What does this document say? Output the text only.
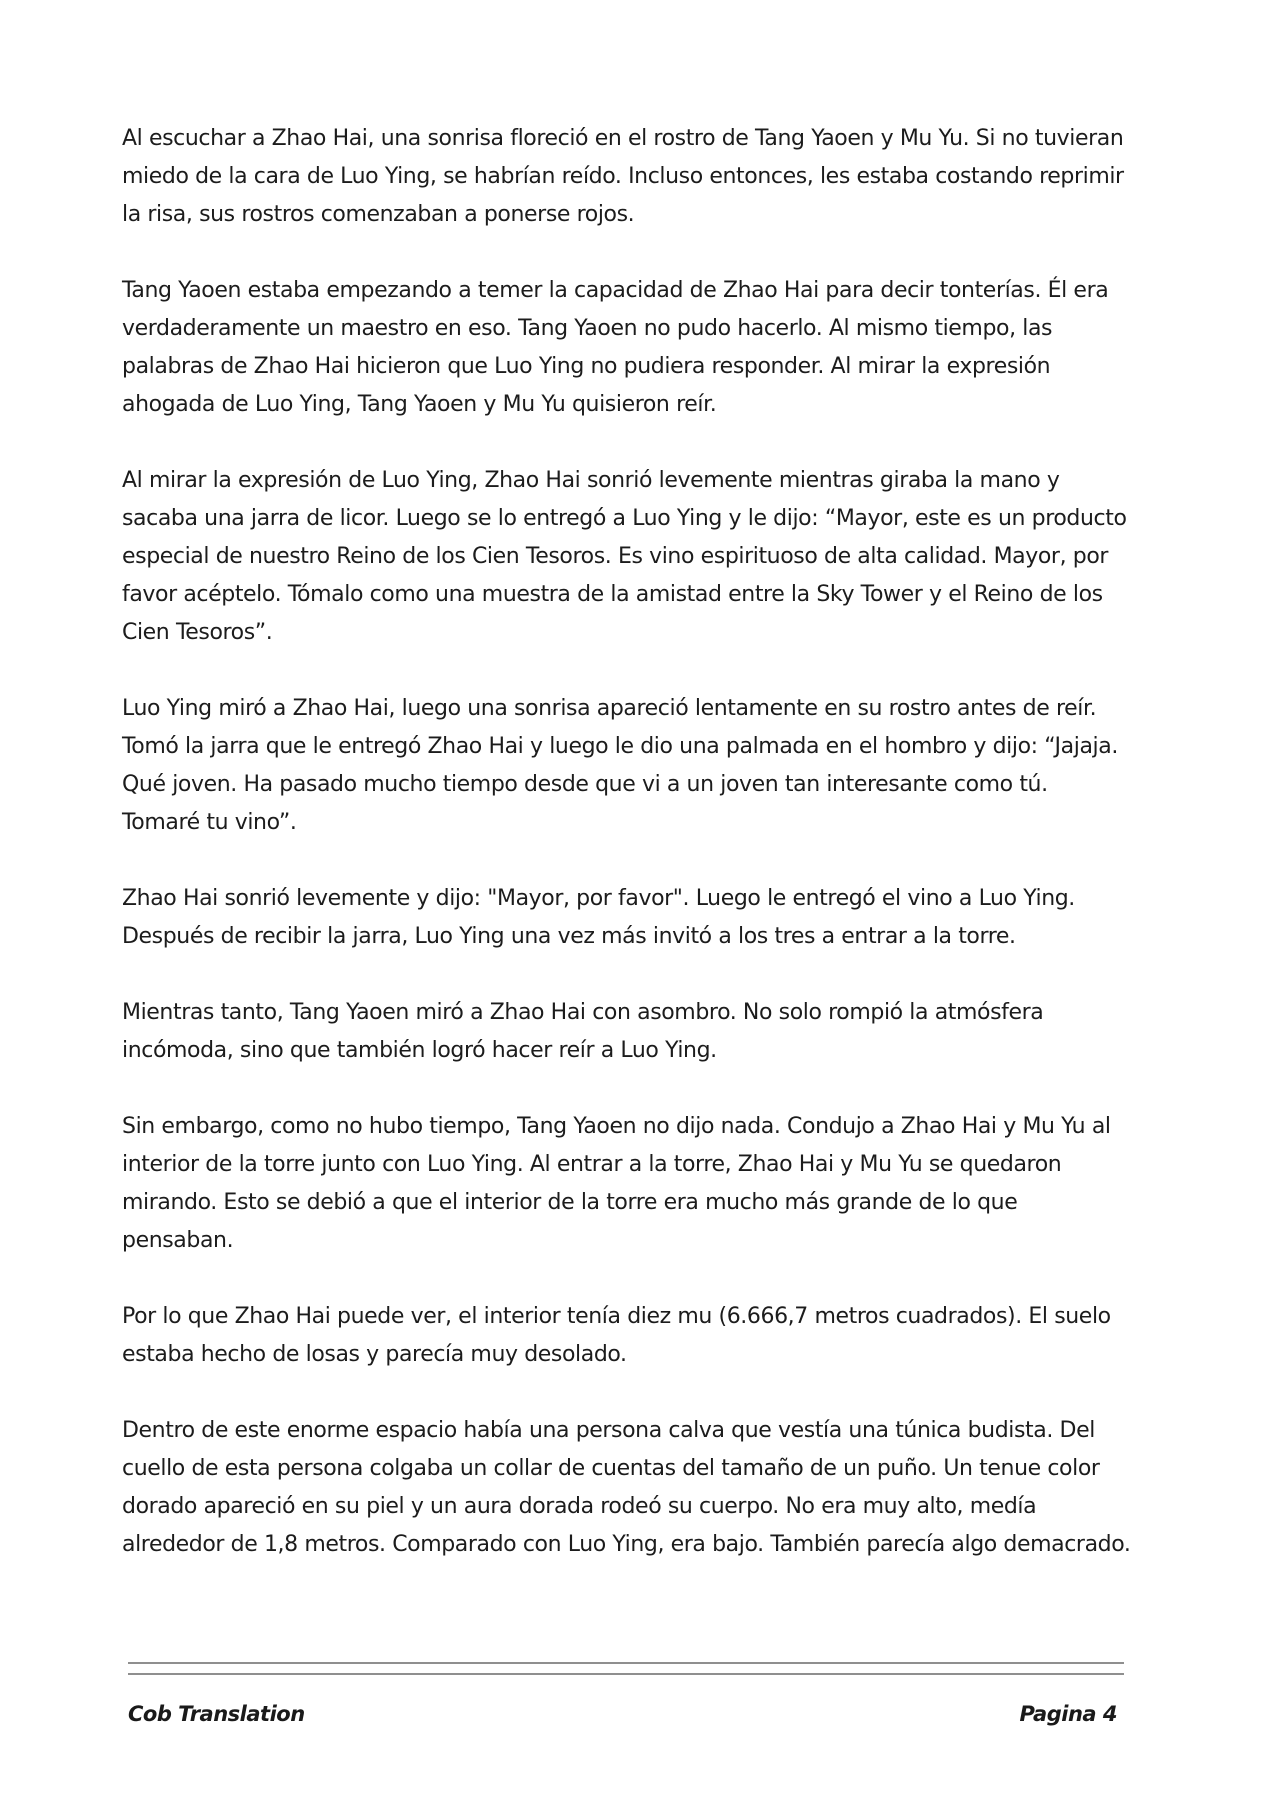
Al escuchar a Zhao Hai, una sonrisa floreció en el rostro de Tang Yaoen y Mu Yu. Si no tuvieran miedo de la cara de Luo Ying, se habrían reído. Incluso entonces, les estaba costando reprimir la risa, sus rostros comenzaban a ponerse rojos.

Tang Yaoen estaba empezando a temer la capacidad de Zhao Hai para decir tonterías. Él era verdaderamente un maestro en eso. Tang Yaoen no pudo hacerlo. Al mismo tiempo, las palabras de Zhao Hai hicieron que Luo Ying no pudiera responder. Al mirar la expresión ahogada de Luo Ying, Tang Yaoen y Mu Yu quisieron reír.

Al mirar la expresión de Luo Ying, Zhao Hai sonrió levemente mientras giraba la mano y sacaba una jarra de licor. Luego se lo entregó a Luo Ying y le dijo: “Mayor, este es un producto especial de nuestro Reino de los Cien Tesoros. Es vino espirituoso de alta calidad. Mayor, por favor acéptelo. Tómalo como una muestra de la amistad entre la Sky Tower y el Reino de los Cien Tesoros”.

Luo Ying miró a Zhao Hai, luego una sonrisa apareció lentamente en su rostro antes de reír. Tomó la jarra que le entregó Zhao Hai y luego le dio una palmada en el hombro y dijo: “Jajaja. Qué joven. Ha pasado mucho tiempo desde que vi a un joven tan interesante como tú. Tomaré tu vino”.

Zhao Hai sonrió levemente y dijo: "Mayor, por favor". Luego le entregó el vino a Luo Ying. Después de recibir la jarra, Luo Ying una vez más invitó a los tres a entrar a la torre.

Mientras tanto, Tang Yaoen miró a Zhao Hai con asombro. No solo rompió la atmósfera incómoda, sino que también logró hacer reír a Luo Ying.

Sin embargo, como no hubo tiempo, Tang Yaoen no dijo nada. Condujo a Zhao Hai y Mu Yu al interior de la torre junto con Luo Ying. Al entrar a la torre, Zhao Hai y Mu Yu se quedaron mirando. Esto se debió a que el interior de la torre era mucho más grande de lo que pensaban.

Por lo que Zhao Hai puede ver, el interior tenía diez mu (6.666,7 metros cuadrados). El suelo estaba hecho de losas y parecía muy desolado.

Dentro de este enorme espacio había una persona calva que vestía una túnica budista. Del cuello de esta persona colgaba un collar de cuentas del tamaño de un puño. Un tenue color dorado apareció en su piel y un aura dorada rodeó su cuerpo. No era muy alto, medía alrededor de 1,8 metros. Comparado con Luo Ying, era bajo. También parecía algo demacrado.

Cob Translation	Pagina 4
